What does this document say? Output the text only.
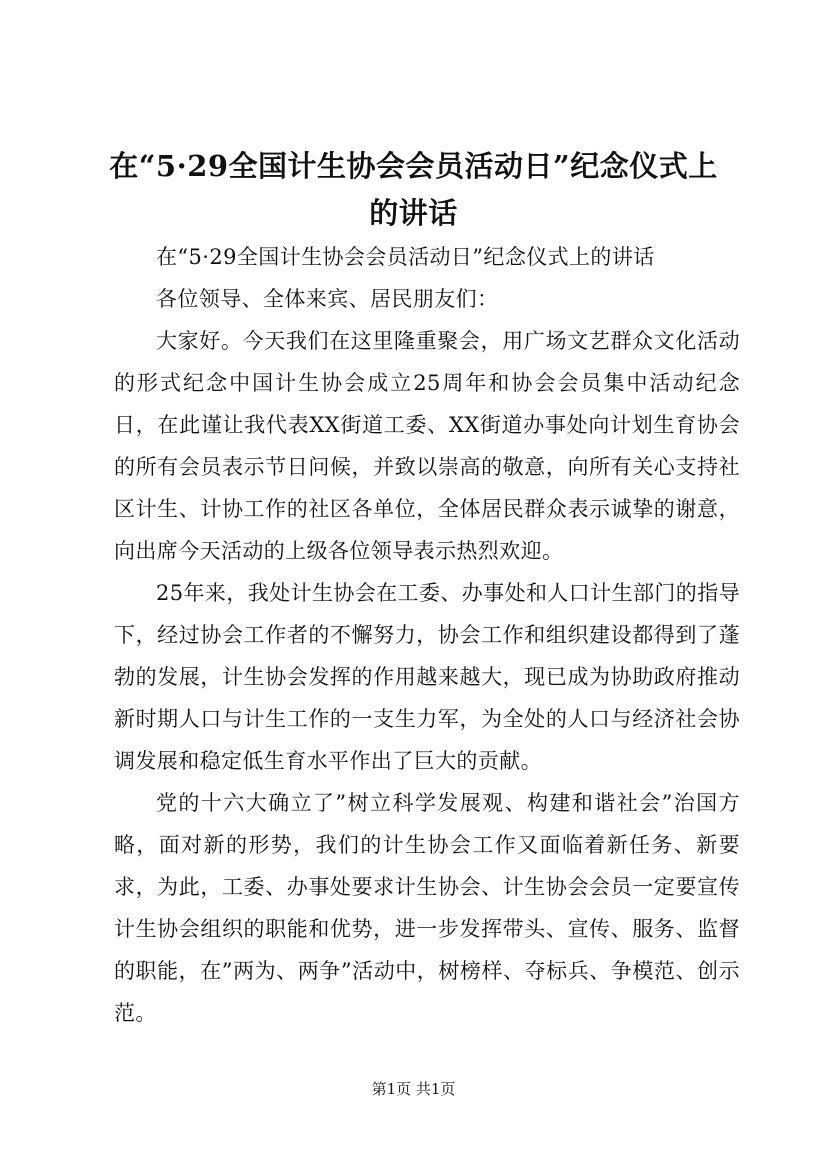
在“5·29全国计生协会会员活动日”纪念仪式上的讲话

在“5·29全国计生协会会员活动日”纪念仪式上的讲话

各位领导、全体来宾、居民朋友们：

大家好。今天我们在这里隆重聚会，用广场文艺群众文化活动的形式纪念中国计生协会成立25周年和协会会员集中活动纪念日，在此谨让我代表XX街道工委、XX街道办事处向计划生育协会的所有会员表示节日问候，并致以崇高的敬意，向所有关心支持社区计生、计协工作的社区各单位，全体居民群众表示诚挚的谢意，向出席今天活动的上级各位领导表示热烈欢迎。

25年来，我处计生协会在工委、办事处和人口计生部门的指导下，经过协会工作者的不懈努力，协会工作和组织建设都得到了蓬勃的发展，计生协会发挥的作用越来越大，现已成为协助政府推动新时期人口与计生工作的一支生力军，为全处的人口与经济社会协调发展和稳定低生育水平作出了巨大的贡献。

党的十六大确立了”树立科学发展观、构建和谐社会”治国方略，面对新的形势，我们的计生协会工作又面临着新任务、新要求，为此，工委、办事处要求计生协会、计生协会会员一定要宣传计生协会组织的职能和优势，进一步发挥带头、宣传、服务、监督的职能，在”两为、两争”活动中，树榜样、夺标兵、争模范、创示范。

第1页 共1页
